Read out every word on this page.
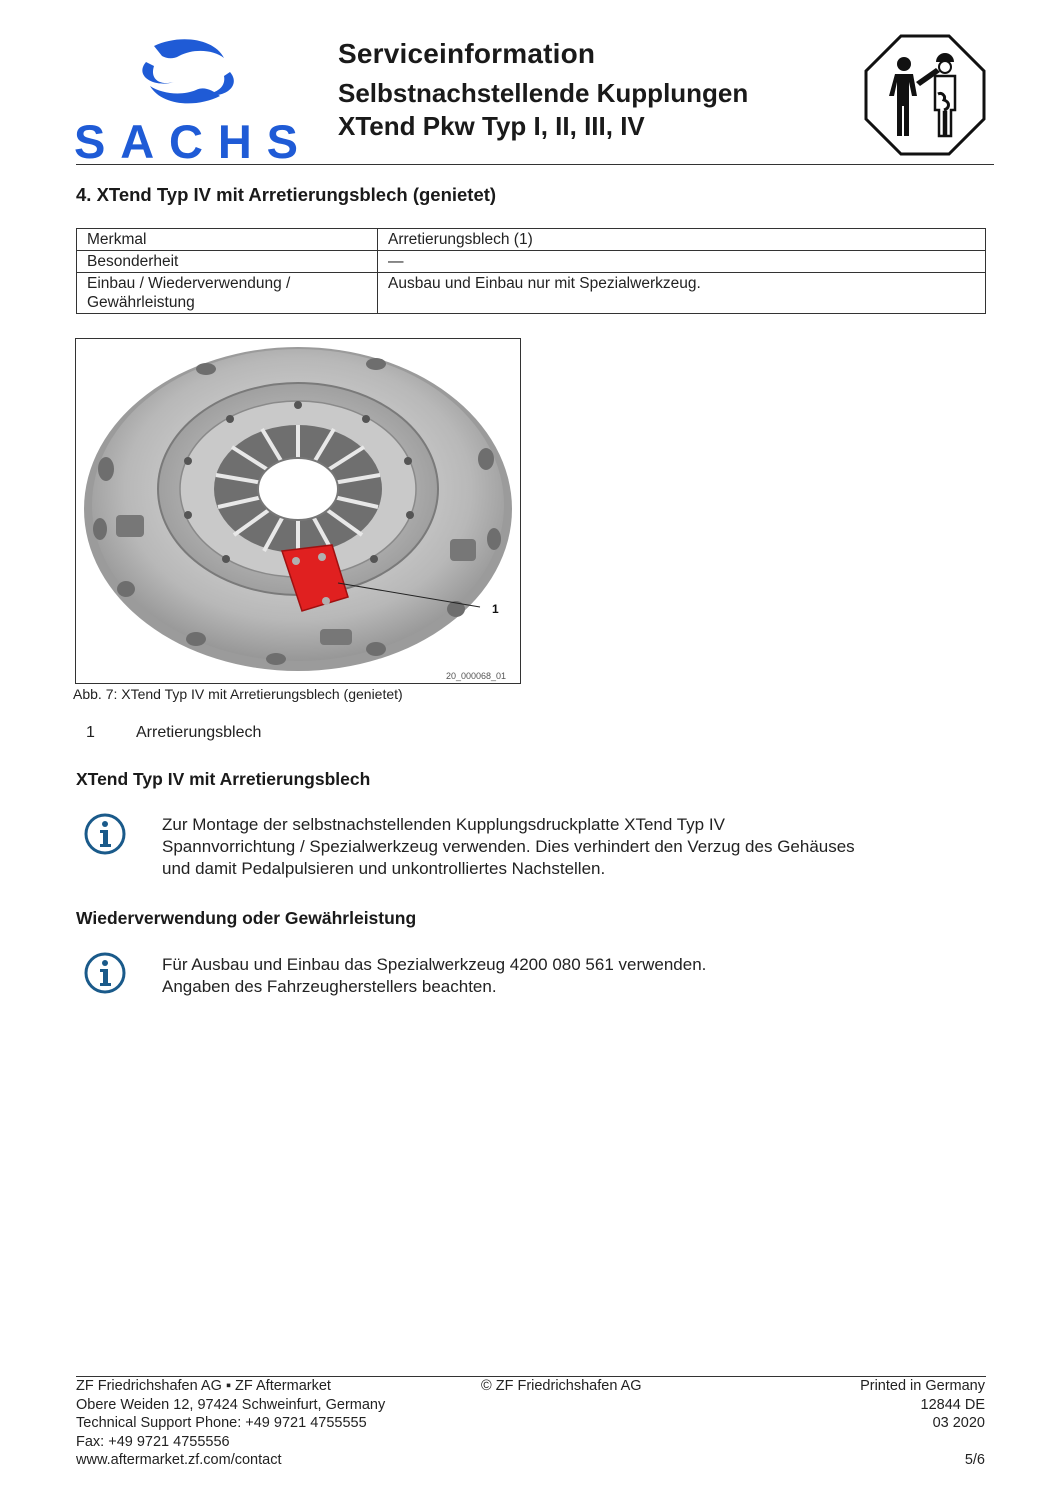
SACHS
Serviceinformation
Selbstnachstellende Kupplungen
XTend Pkw Typ I, II, III, IV
4. XTend Typ IV mit Arretierungsblech (genietet)
Merkmal	Arretierungsblech (1)
Besonderheit	—
Einbau / Wiederverwendung / Gewährleistung	Ausbau und Einbau nur mit Spezialwerkzeug.
1
20_000068_01
Abb. 7: XTend Typ IV mit Arretierungsblech (genietet)
1	Arretierungsblech
XTend Typ IV mit Arretierungsblech
Zur Montage der selbstnachstellenden Kupplungsdruckplatte XTend Typ IV
Spannvorrichtung / Spezialwerkzeug verwenden. Dies verhindert den Verzug des Gehäuses
und damit Pedalpulsieren und unkontrolliertes Nachstellen.
Wiederverwendung oder Gewährleistung
Für Ausbau und Einbau das Spezialwerkzeug 4200 080 561 verwenden.
Angaben des Fahrzeugherstellers beachten.
ZF Friedrichshafen AG ▪ ZF Aftermarket
Obere Weiden 12, 97424 Schweinfurt, Germany
Technical Support Phone: +49 9721 4755555
Fax: +49 9721 4755556
www.aftermarket.zf.com/contact
© ZF Friedrichshafen AG	Printed in Germany
12844 DE
03 2020

5/6
